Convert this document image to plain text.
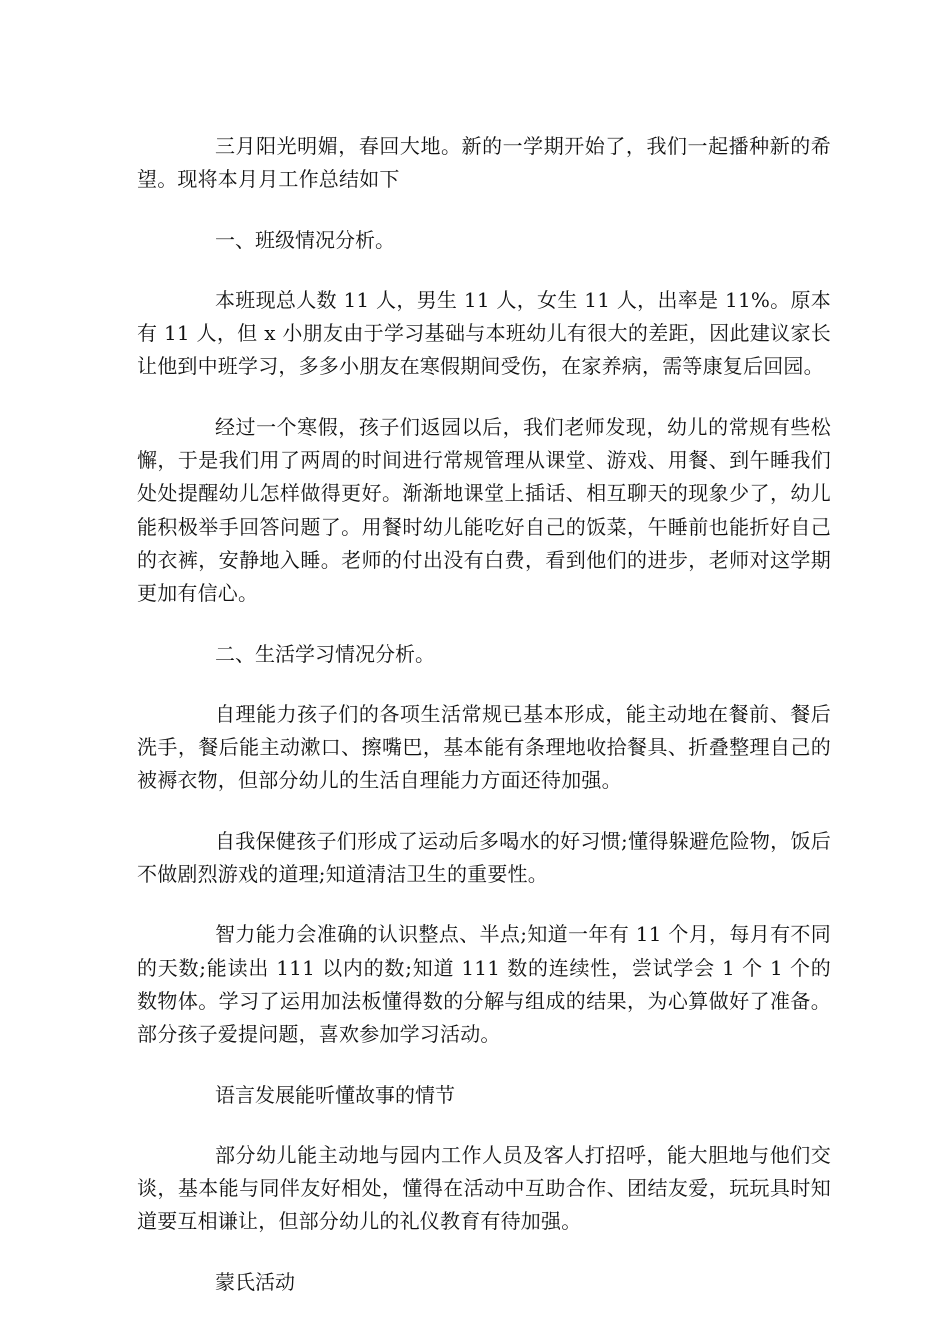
三月阳光明媚，春回大地。新的一学期开始了，我们一起播种新的希望。现将本月月工作总结如下

一、班级情况分析。

本班现总人数 11 人，男生 11 人，女生 11 人，出率是 11%。原本有 11 人，但 x 小朋友由于学习基础与本班幼儿有很大的差距，因此建议家长让他到中班学习，多多小朋友在寒假期间受伤，在家养病，需等康复后回园。

经过一个寒假，孩子们返园以后，我们老师发现，幼儿的常规有些松懈，于是我们用了两周的时间进行常规管理从课堂、游戏、用餐、到午睡我们处处提醒幼儿怎样做得更好。渐渐地课堂上插话、相互聊天的现象少了，幼儿能积极举手回答问题了。用餐时幼儿能吃好自己的饭菜，午睡前也能折好自己的衣裤，安静地入睡。老师的付出没有白费，看到他们的进步，老师对这学期更加有信心。

二、生活学习情况分析。

自理能力孩子们的各项生活常规已基本形成，能主动地在餐前、餐后洗手，餐后能主动漱口、擦嘴巴，基本能有条理地收拾餐具、折叠整理自己的被褥衣物，但部分幼儿的生活自理能力方面还待加强。

自我保健孩子们形成了运动后多喝水的好习惯;懂得躲避危险物，饭后不做剧烈游戏的道理;知道清洁卫生的重要性。

智力能力会准确的认识整点、半点;知道一年有 11 个月，每月有不同的天数;能读出 111 以内的数;知道 111 数的连续性，尝试学会 1 个 1 个的数物体。学习了运用加法板懂得数的分解与组成的结果，为心算做好了准备。部分孩子爱提问题，喜欢参加学习活动。

语言发展能听懂故事的情节

部分幼儿能主动地与园内工作人员及客人打招呼，能大胆地与他们交谈，基本能与同伴友好相处，懂得在活动中互助合作、团结友爱，玩玩具时知道要互相谦让，但部分幼儿的礼仪教育有待加强。

蒙氏活动
